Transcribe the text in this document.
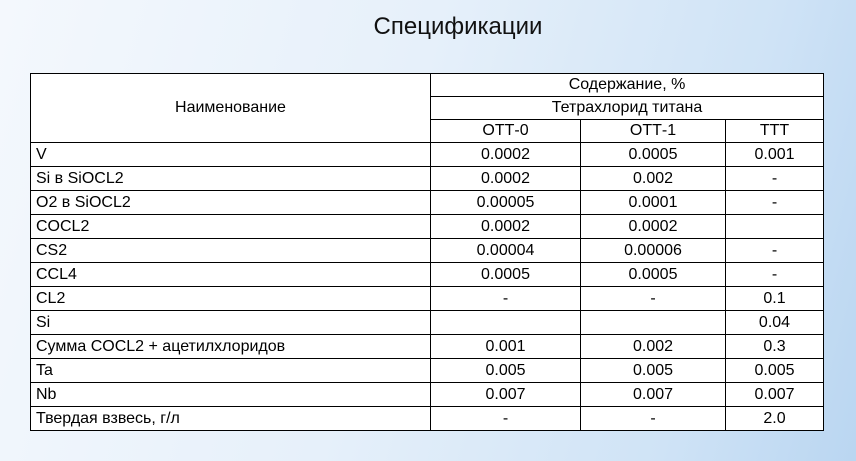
Спецификации
Наименование	Содержание, %		
	Тетрахлорид титана		
	ОТТ-0	ОТТ-1	ТТТ
V	0.0002	0.0005	0.001
Si в SiOCL2	0.0002	0.002	-
O2 в SiOCL2	0.00005	0.0001	-
COCL2	0.0002	0.0002	
CS2	0.00004	0.00006	-
CCL4	0.0005	0.0005	-
CL2	-	-	0.1
Si			0.04
Сумма COCL2 + ацетилхлоридов	0.001	0.002	0.3
Ta	0.005	0.005	0.005
Nb	0.007	0.007	0.007
Твердая взвесь, г/л	-	-	2.0
